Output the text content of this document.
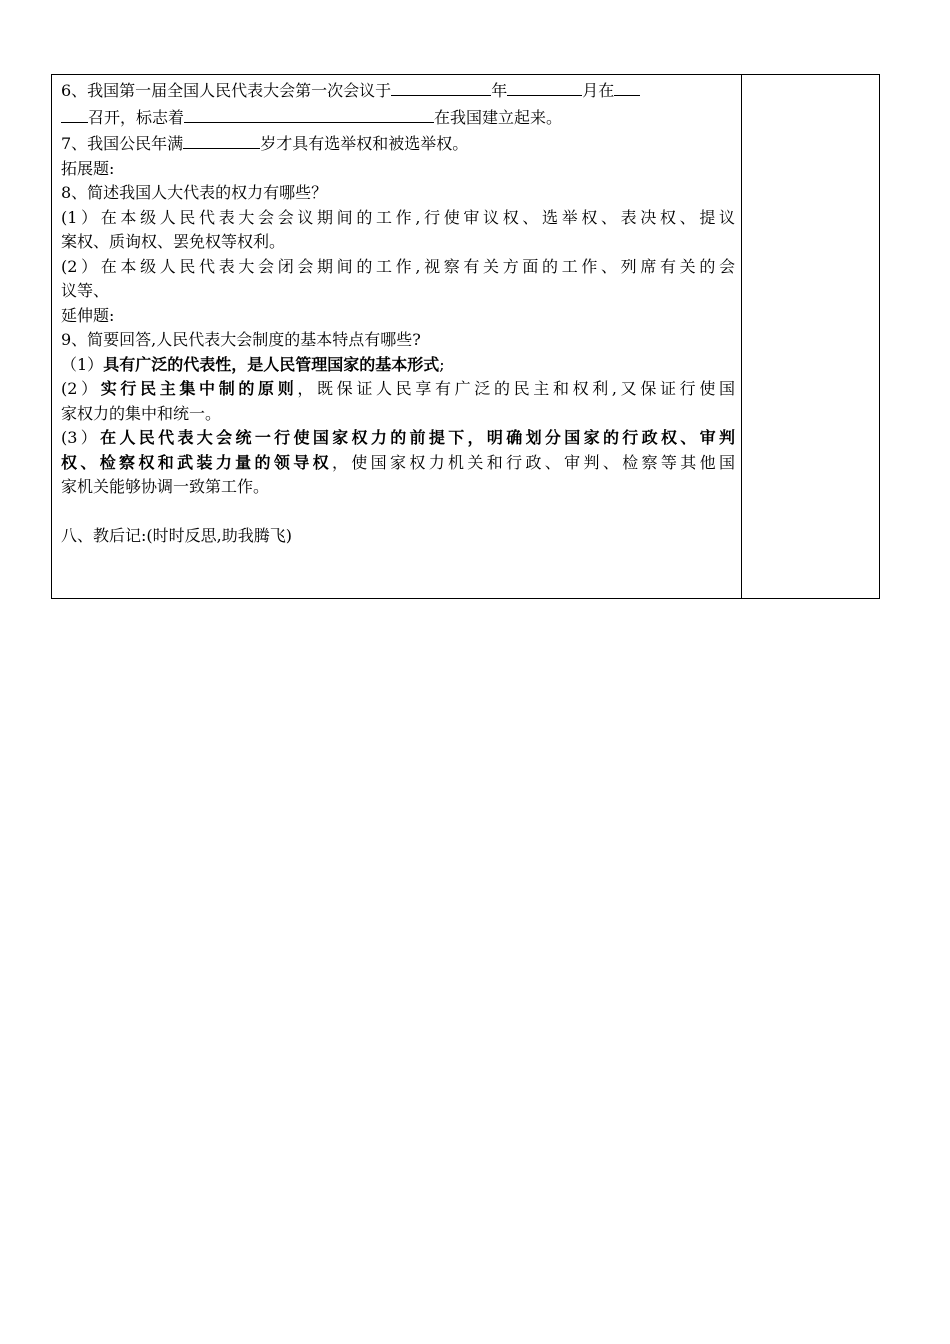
6、我国第一届全国人民代表大会第一次会议于	年	月在
召开，标志着	在我国建立起来。
7、我国公民年满	岁才具有选举权和被选举权。
拓展题:
8、简述我国人大代表的权力有哪些？
(1）在本级人民代表大会会议期间的工作,行使审议权、选举权、表决权、提议
案权、质询权、罢免权等权利。
(2）在本级人民代表大会闭会期间的工作,视察有关方面的工作、列席有关的会
议等、
延伸题:
9、简要回答,人民代表大会制度的基本特点有哪些?
（1）具有广泛的代表性，是人民管理国家的基本形式;
(2）实行民主集中制的原则，既保证人民享有广泛的民主和权利,又保证行使国
家权力的集中和统一。
(3）在人民代表大会统一行使国家权力的前提下，明确划分国家的行政权、审判
权、检察权和武装力量的领导权，使国家权力机关和行政、审判、检察等其他国
家机关能够协调一致第工作。
八、教后记:(时时反思,助我腾飞)
